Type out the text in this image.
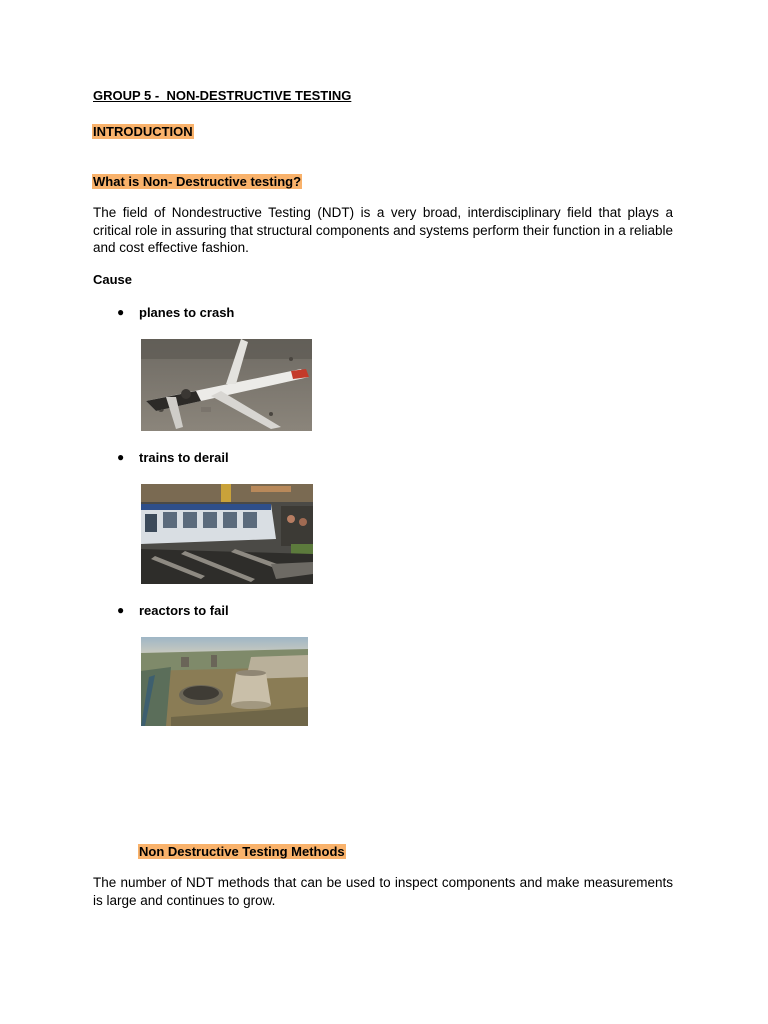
GROUP 5 -  NON-DESTRUCTIVE TESTING
INTRODUCTION
What is Non- Destructive testing?
The field of Nondestructive Testing (NDT) is a very broad, interdisciplinary field that plays a critical role in assuring that structural components and systems perform their function in a reliable and cost effective fashion.
Cause
●	planes to crash
●	trains to derail
●	reactors to fail
Non Destructive Testing Methods
The number of NDT methods that can be used to inspect components and make measurements is large and continues to grow.
